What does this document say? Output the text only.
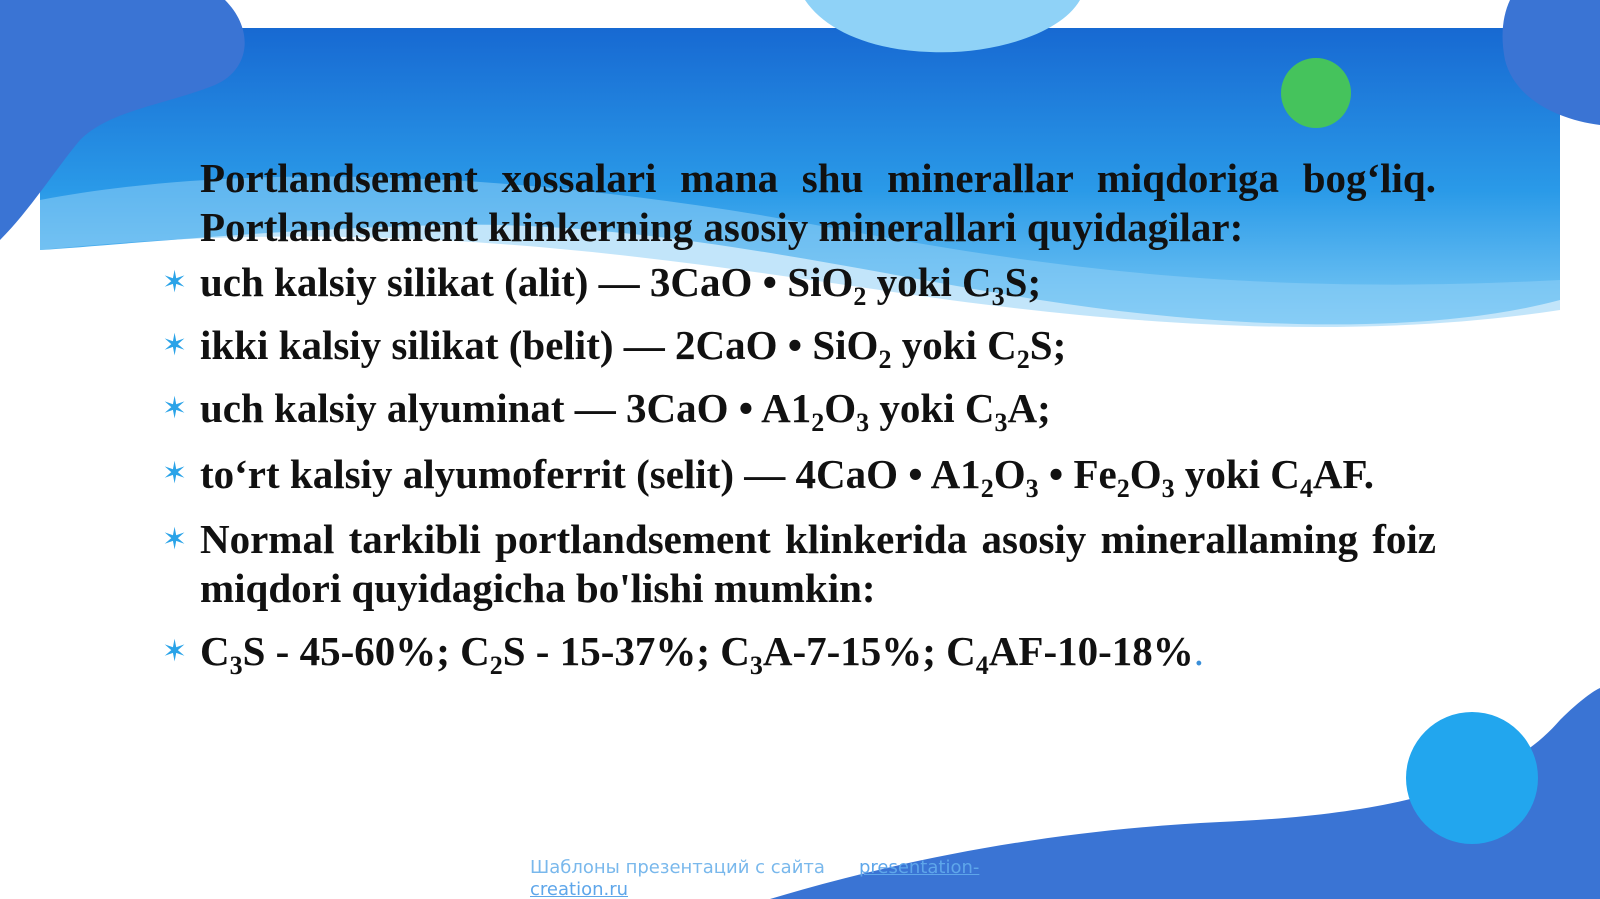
Portlandsement xossalari mana shu minerallar miqdoriga bog‘liq. Portlandsement klinkerning asosiy minerallari quyidagilar:

✶ uch kalsiy silikat (alit) — 3CaO • SiO$_2$ yoki $C_3S$;
✶ ikki kalsiy silikat (belit) — 2CaO • SiO$_2$ yoki $C_2S$;
✶ uch kalsiy alyuminat — 3CaO • $A1_2O_3$ yoki $C_3A$;
✶ to‘rt kalsiy alyumoferrit (selit) — 4CaO • $A1_2O_3$ • $Fe_2O_3$ yoki $C_4AF$.
✶ Normal tarkibli portlandsement klinkerida asosiy minerallaming foiz miqdori quyidagicha bo'lishi mumkin:
✶ $C_3S - 45-60\%$; $C_2S - 15-37\%$; $C_3A-7-15\%$; $C_4AF-10-18\%$.
Шаблоны презентаций с сайта presentation-creation.ru
